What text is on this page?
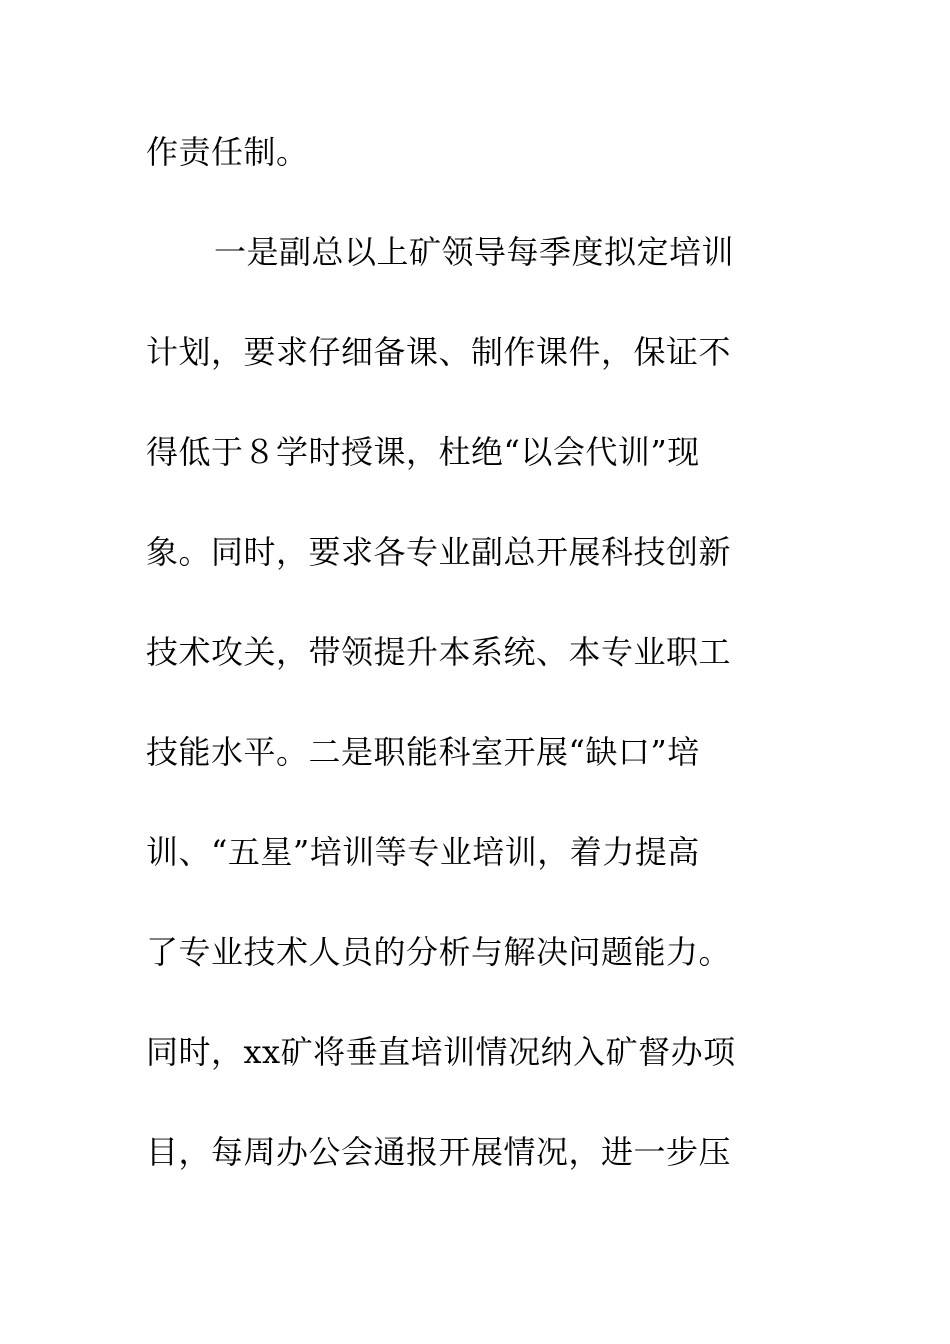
作责任制。
一是副总以上矿领导每季度拟定培训
计划，要求仔细备课、制作课件，保证不
得低于８学时授课，杜绝“以会代训”现
象。同时，要求各专业副总开展科技创新
技术攻关，带领提升本系统、本专业职工
技能水平。二是职能科室开展“缺口”培
训、“五星”培训等专业培训，着力提高
了专业技术人员的分析与解决问题能力。
同时，xx矿将垂直培训情况纳入矿督办项
目，每周办公会通报开展情况，进一步压
